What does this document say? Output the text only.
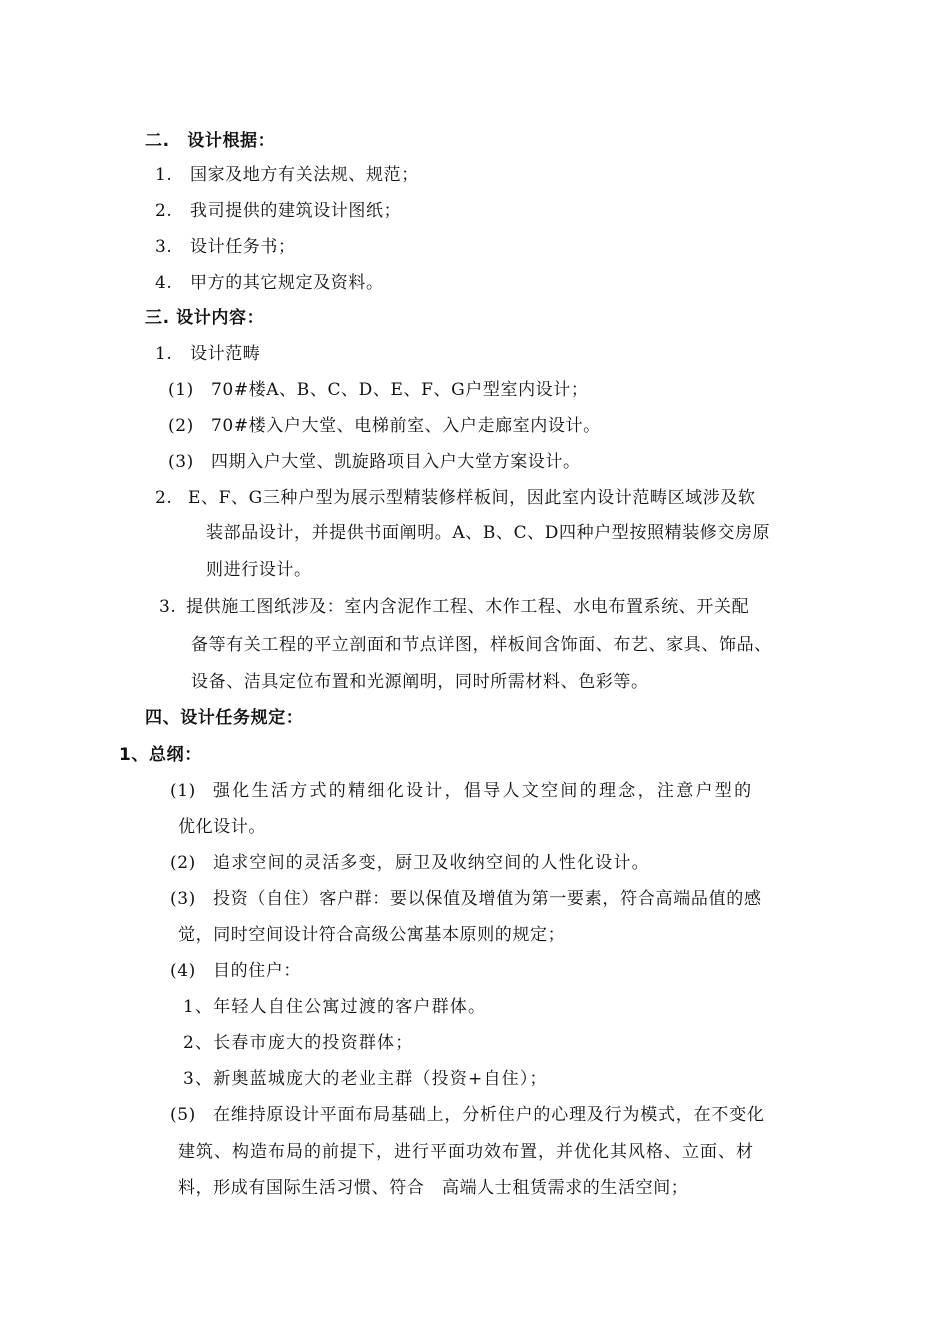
二.　设计根据：
1. 国家及地方有关法规、规范；
2. 我司提供的建筑设计图纸；
3. 设计任务书；
4. 甲方的其它规定及资料。
三. 设计内容：
1. 设计范畴
(1) 70#楼A、B、C、D、E、F、G户型室内设计；
(2) 70#楼入户大堂、电梯前室、入户走廊室内设计。
(3) 四期入户大堂、凯旋路项目入户大堂方案设计。
2. E、F、G三种户型为展示型精装修样板间，因此室内设计范畴区域涉及软
装部品设计，并提供书面阐明。A、B、C、D四种户型按照精装修交房原
则进行设计。
3. 提供施工图纸涉及：室内含泥作工程、木作工程、水电布置系统、开关配
备等有关工程的平立剖面和节点详图，样板间含饰面、布艺、家具、饰品、
设备、洁具定位布置和光源阐明，同时所需材料、色彩等。
四、设计任务规定：
1、总纲：
(1) 强化生活方式的精细化设计，倡导人文空间的理念，注意户型的
优化设计。
(2) 追求空间的灵活多变，厨卫及收纳空间的人性化设计。
(3) 投资（自住）客户群：要以保值及增值为第一要素，符合高端品值的感
觉，同时空间设计符合高级公寓基本原则的规定；
(4) 目的住户：
1、年轻人自住公寓过渡的客户群体。
2、长春市庞大的投资群体；
3、新奥蓝城庞大的老业主群（投资+自住）；
(5) 在维持原设计平面布局基础上，分析住户的心理及行为模式，在不变化
建筑、构造布局的前提下，进行平面功效布置，并优化其风格、立面、材
料，形成有国际生活习惯、符合　高端人士租赁需求的生活空间；
